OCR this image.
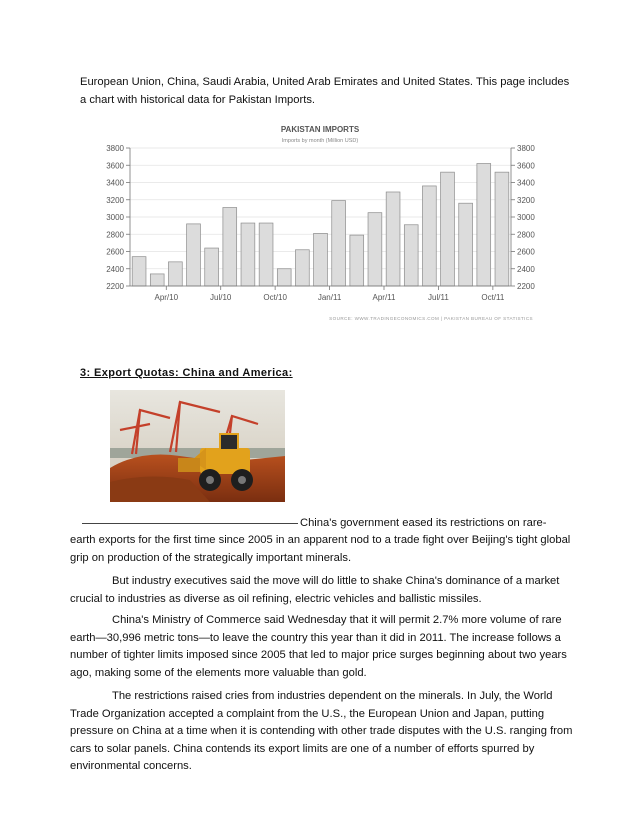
European Union, China, Saudi Arabia, United Arab Emirates and United States. This page includes a chart with historical data for Pakistan Imports.
PAKISTAN IMPORTS
Imports by month (Million USD)
2200	2200
2400	2400
2600	2600
2800	2800
3000	3000
3200	3200
3400	3400
3600	3600
3800	3800
Apr/10	Jul/10	Oct/10	Jan/11	Apr/11	Jul/11	Oct/11
SOURCE: WWW.TRADINGECONOMICS.COM | PAKISTAN BUREAU OF STATISTICS
3: Export Quotas: China and America:

China's government eased its restrictions on rare-

earth exports for the first time since 2005 in an apparent nod to a trade fight over Beijing's tight global grip on production of the strategically important minerals.

But industry executives said the move will do little to shake China's dominance of a market crucial to industries as diverse as oil refining, electric vehicles and ballistic missiles.

China's Ministry of Commerce said Wednesday that it will permit 2.7% more volume of rare earth—30,996 metric tons—to leave the country this year than it did in 2011. The increase follows a number of tighter limits imposed since 2005 that led to major price surges beginning about two years ago, making some of the elements more valuable than gold.

The restrictions raised cries from industries dependent on the minerals. In July, the World Trade Organization accepted a complaint from the U.S., the European Union and Japan, putting pressure on China at a time when it is contending with other trade disputes with the U.S. ranging from cars to solar panels. China contends its export limits are one of a number of efforts spurred by environmental concerns.
